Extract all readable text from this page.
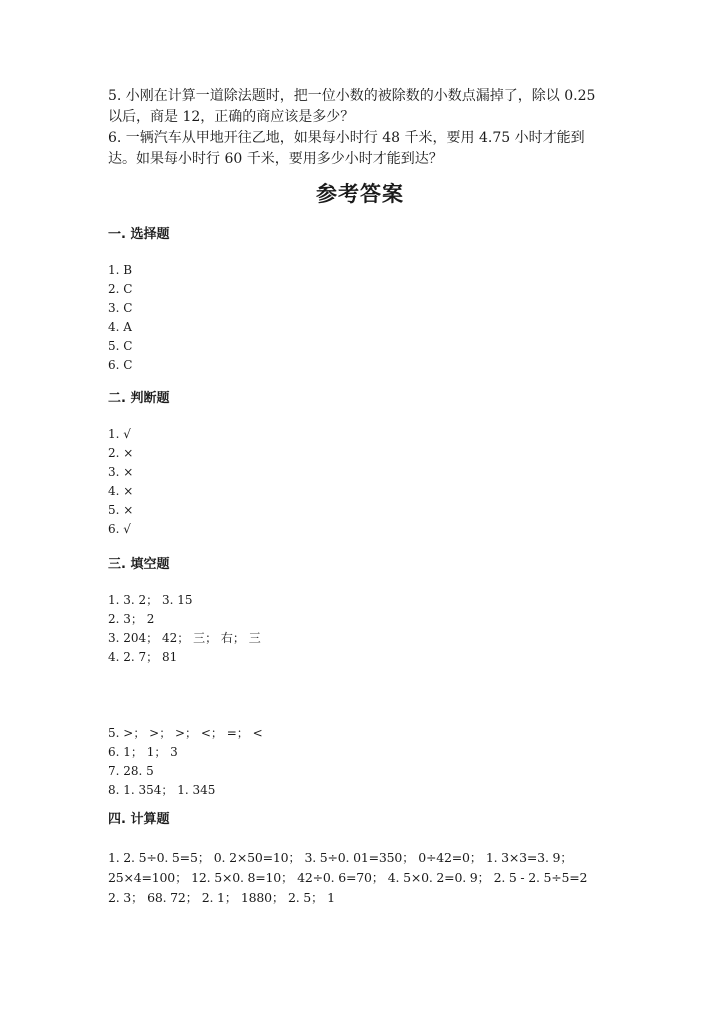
5. 小刚在计算一道除法题时，把一位小数的被除数的小数点漏掉了，除以 0.25

以后，商是 12，正确的商应该是多少？

6. 一辆汽车从甲地开往乙地，如果每小时行 48 千米，要用 4.75 小时才能到

达。如果每小时行 60 千米，要用多少小时才能到达？

参考答案

一. 选择题

1. B
2. C
3. C
4. A
5. C
6. C

二. 判断题

1. √
2. ×
3. ×
4. ×
5. ×
6. √

三. 填空题

1. 3. 2； 3. 15
2. 3； 2
3. 204； 42； 三； 右； 三
4. 2. 7； 81
5. >； >； >； <； =； <
6. 1； 1； 3
7. 28. 5
8. 1. 354； 1. 345

四. 计算题

1. 2. 5÷0. 5=5； 0. 2×50=10； 3. 5÷0. 01=350； 0÷42=0； 1. 3×3=3. 9；
25×4=100； 12. 5×0. 8=10； 42÷0. 6=70； 4. 5×0. 2=0. 9； 2. 5 - 2. 5÷5=2
2. 3； 68. 72； 2. 1； 1880； 2. 5； 1
